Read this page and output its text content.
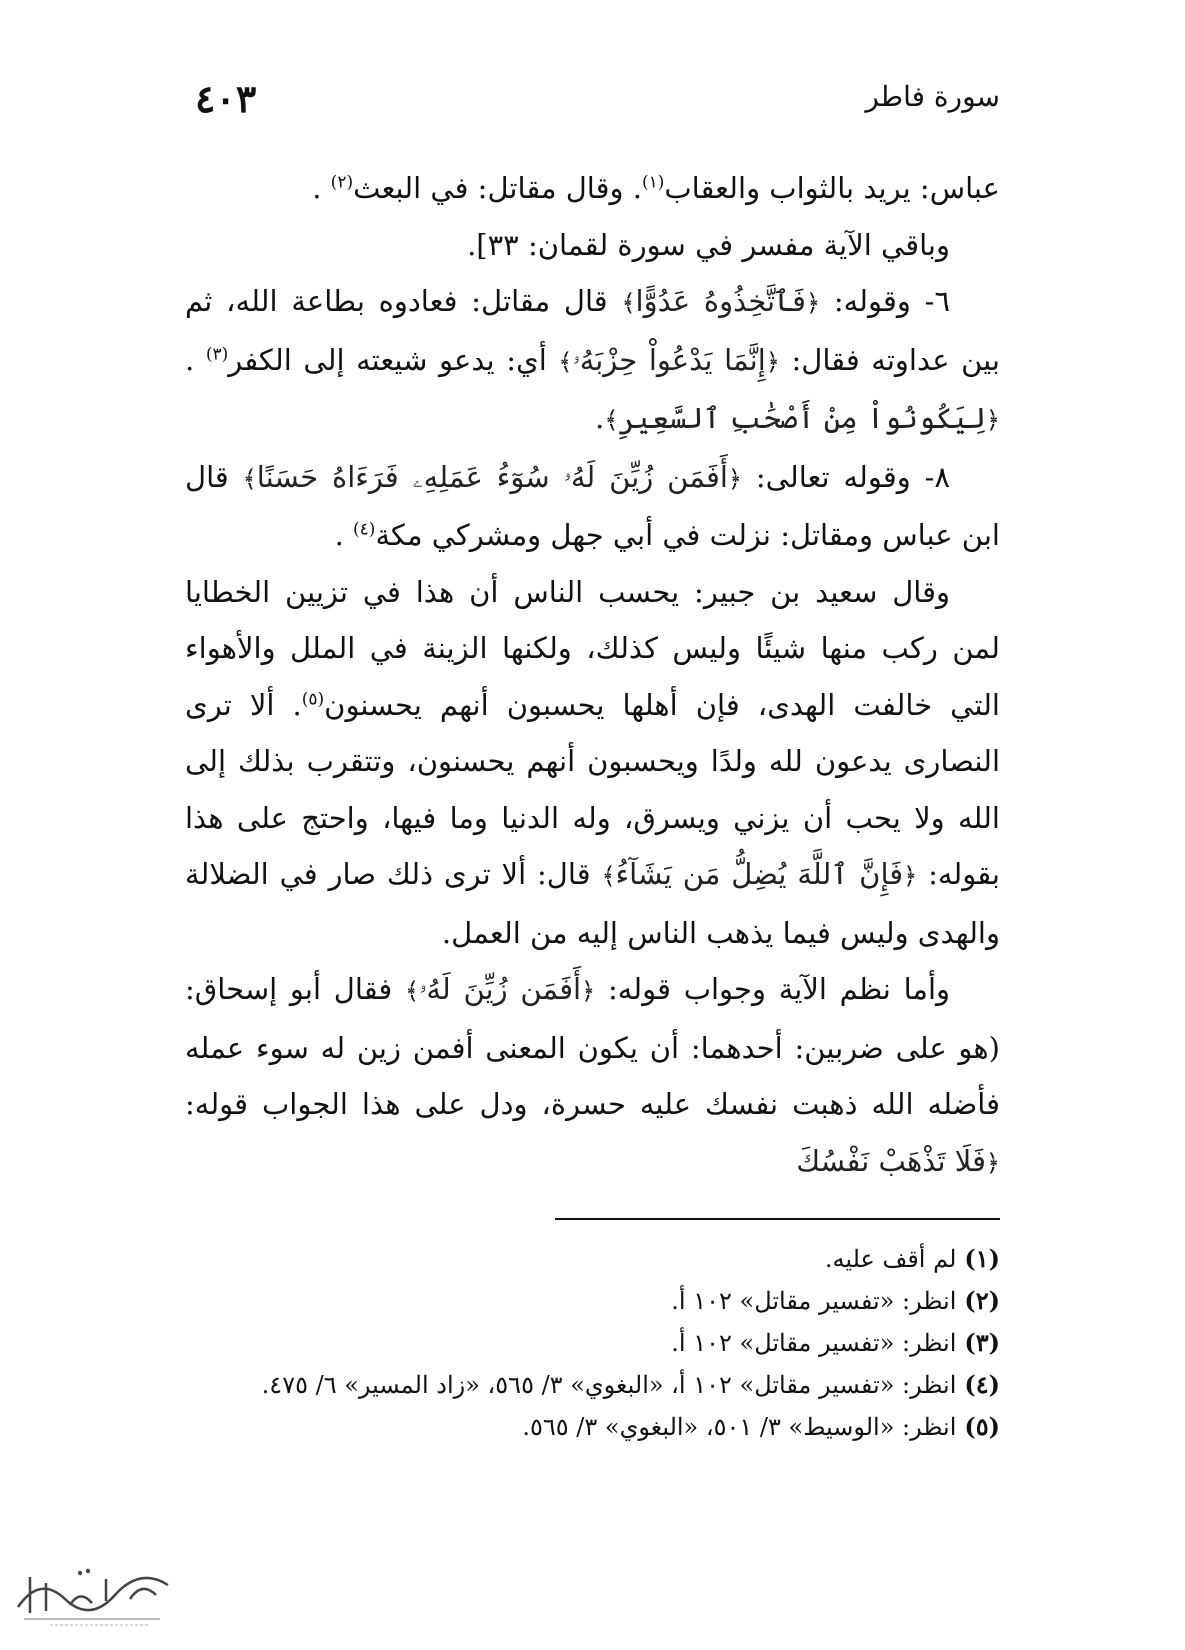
سورة فاطر
٤٠٣

عباس: يريد بالثواب والعقاب$^{(١)}$. وقال مقاتل: في البعث$^{(٢)}$ .

وباقي الآية مفسر في سورة لقمان: ٣٣].

٦- وقوله: ﴿فَٱتَّخِذُوهُ عَدُوًّا﴾ قال مقاتل: فعادوه بطاعة الله، ثم بين عداوته فقال: ﴿إِنَّمَا يَدْعُواْ حِزْبَهُۥ﴾ أي: يدعو شيعته إلى الكفر$^{(٣)}$ .﴿لِيَكُونُواْ مِنْ أَصْحَٰبِ ٱلسَّعِيرِ﴾.

٨- وقوله تعالى: ﴿أَفَمَن زُيِّنَ لَهُۥ سُوٓءُ عَمَلِهِۦ فَرَءَاهُ حَسَنًا﴾ قال ابن عباس ومقاتل: نزلت في أبي جهل ومشركي مكة$^{(٤)}$ .

وقال سعيد بن جبير: يحسب الناس أن هذا في تزيين الخطايا لمن ركب منها شيئًا وليس كذلك، ولكنها الزينة في الملل والأهواء التي خالفت الهدى، فإن أهلها يحسبون أنهم يحسنون$^{(٥)}$. ألا ترى النصارى يدعون لله ولدًا ويحسبون أنهم يحسنون، وتتقرب بذلك إلى الله ولا يحب أن يزني ويسرق، وله الدنيا وما فيها، واحتج على هذا بقوله: ﴿فَإِنَّ ٱللَّهَ يُضِلُّ مَن يَشَآءُ﴾ قال: ألا ترى ذلك صار في الضلالة والهدى وليس فيما يذهب الناس إليه من العمل.

وأما نظم الآية وجواب قوله: ﴿أَفَمَن زُيِّنَ لَهُۥ﴾ فقال أبو إسحاق: (هو على ضربين: أحدهما: أن يكون المعنى أفمن زين له سوء عمله فأضله الله ذهبت نفسك عليه حسرة، ودل على هذا الجواب قوله: ﴿فَلَا تَذْهَبْ نَفْسُكَ

(١)لم أقف عليه.
(٢)انظر: «تفسير مقاتل» ١٠٢ أ.
(٣)انظر: «تفسير مقاتل» ١٠٢ أ.
(٤)انظر: «تفسير مقاتل» ١٠٢ أ، «البغوي» ٣/ ٥٦٥، «زاد المسير» ٦/ ٤٧٥.
(٥)انظر: «الوسيط» ٣/ ٥٠١، «البغوي» ٣/ ٥٦٥.
